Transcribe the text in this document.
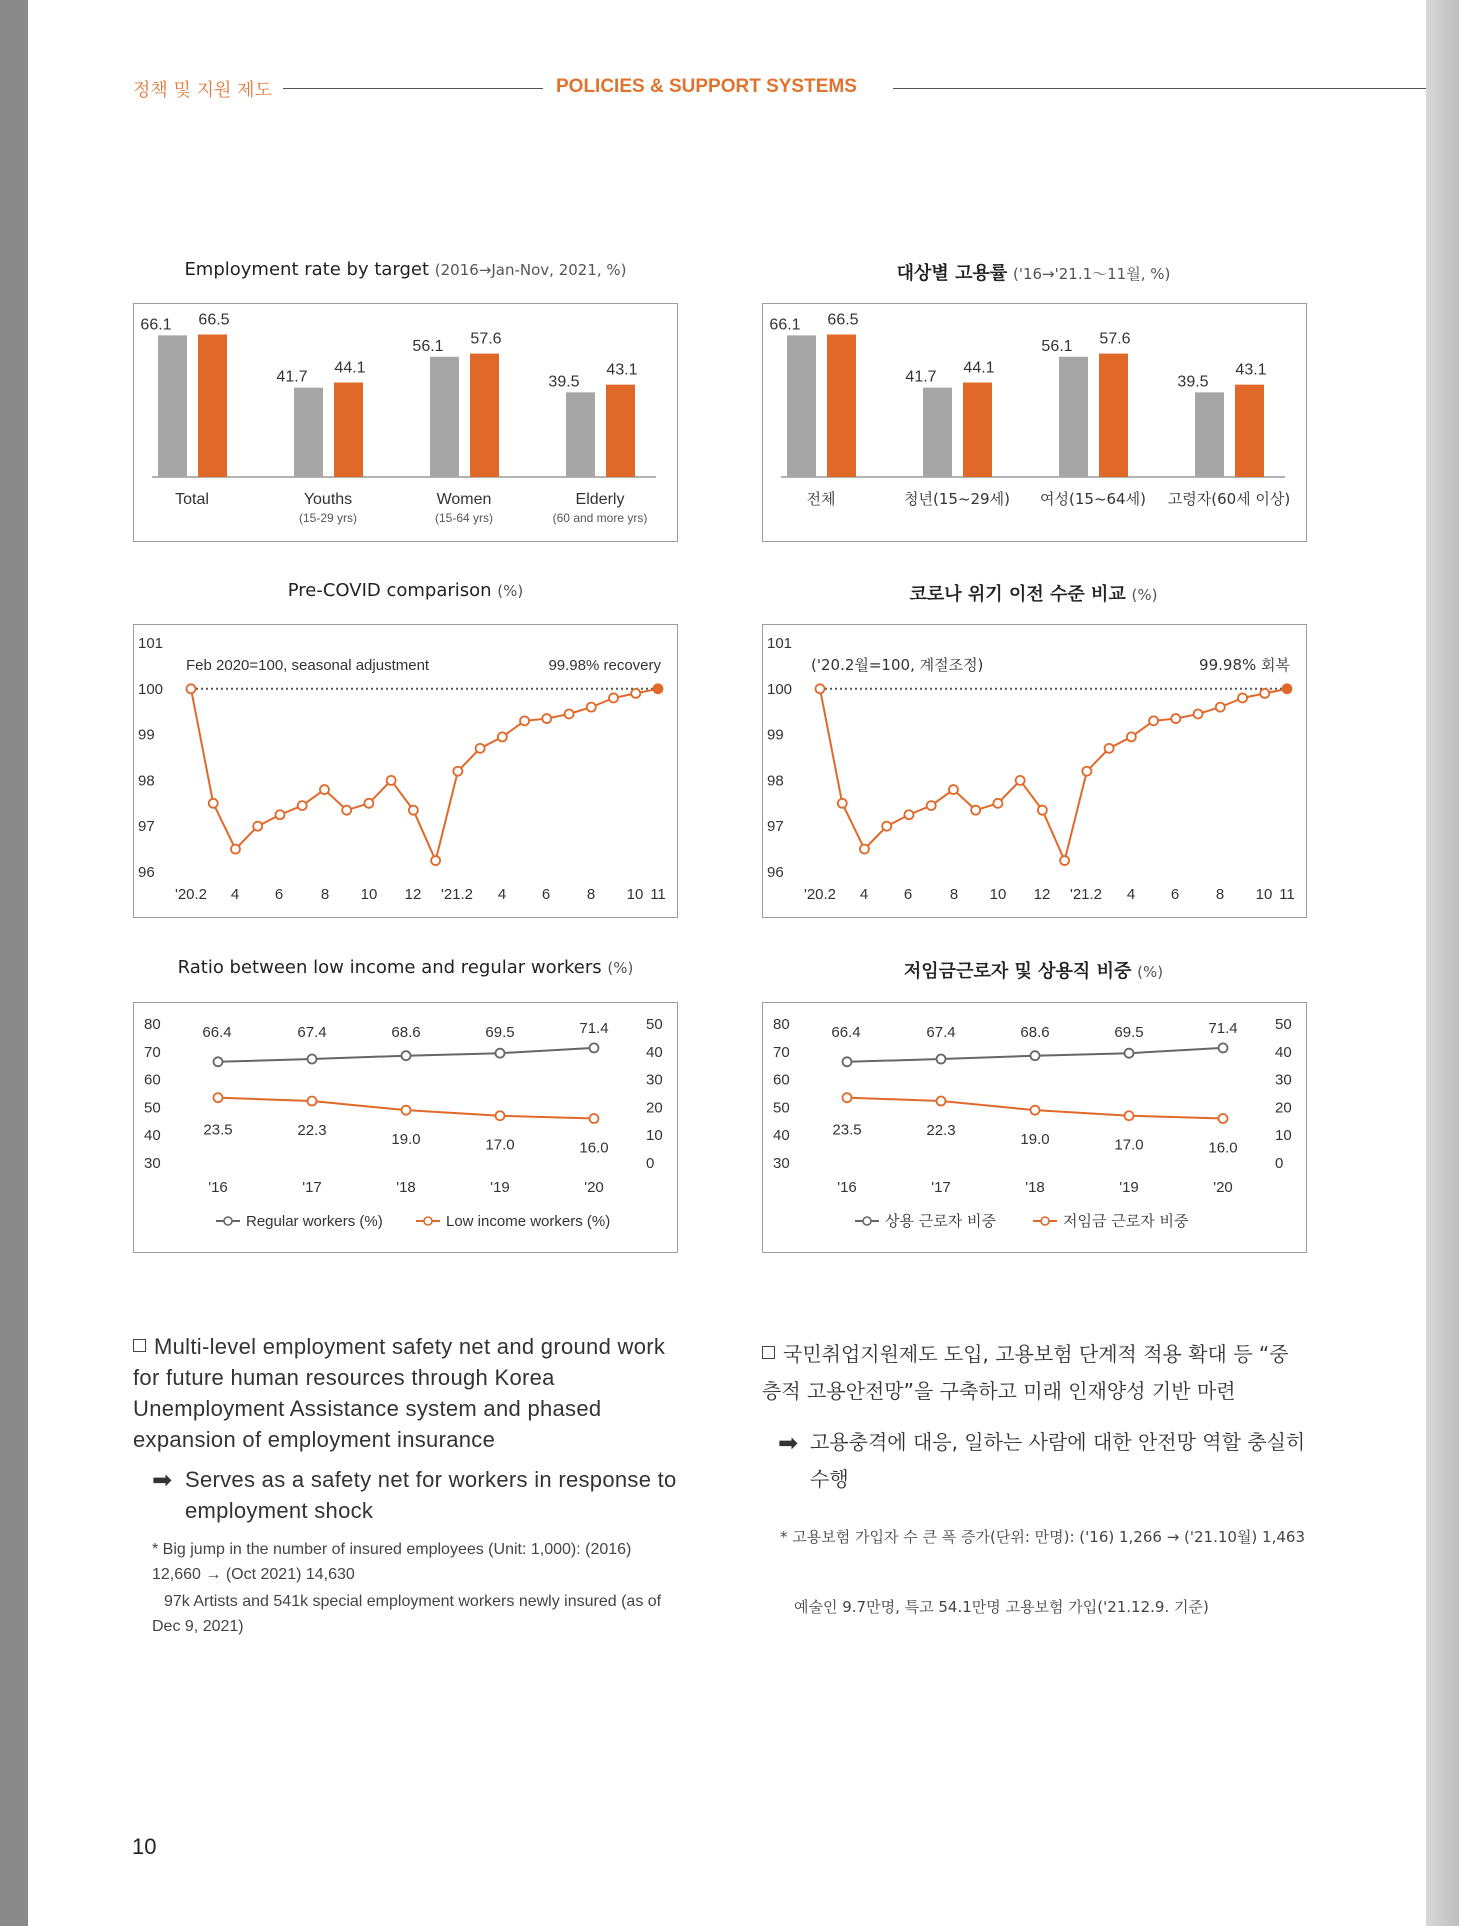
정책 및 지원 제도	POLICIES & SUPPORT SYSTEMS
Employment rate by target (2016→Jan-Nov, 2021, %)	대상별 고용률 ('16→'21.1～11월, %)
Pre-COVID comparison (%)	코로나 위기 이전 수준 비교 (%)
Ratio between low income and regular workers (%)	저임금근로자 및 상용직 비중 (%)
66.1 66.5
Total
41.7
44.1
Youths
(15-29 yrs)
56.1 57.6
Women
(15-64 yrs)
39.5
43.1
Elderly
(60 and more yrs)
66.1 66.5
전체
41.7
44.1
청년(15~29세)
56.1 57.6
여성(15~64세)
39.5
43.1
고령자(60세 이상)
101
100
99
98
97
96
'20.2 4 6	8 10 12 '21.2 4 6 8 10 11
Feb 2020=100, seasonal adjustment	99.98% recovery
101
100
99
98
97
96
'20.2 4 6	8 10 12 '21.2 4 6 8 10 11
('20.2월=100, 계절조정)	99.98% 회복
80
70
60
50
40
30
50
40
30
20
10
0
'16	'17	'18	'19	'20
66.4	67.4	68.6	69.5	71.4
23.5	22.3
19.0	17.0	16.0
Regular workers (%)	Low income workers (%)
80
70
60
50
40
30
50
40
30
20
10
0
'16	'17	'18	'19	'20
66.4	67.4	68.6	69.5	71.4
23.5	22.3
19.0	17.0	16.0
상용 근로자 비중	저임금 근로자 비중
Multi-level employment safety net and ground work for future human resources through Korea Unemployment Assistance system and phased expansion of employment insurance
➡ Serves as a safety net for workers in response to employment shock
* Big jump in the number of insured employees (Unit: 1,000): (2016) 12,660 → (Oct 2021) 14,630
97k Artists and 541k special employment workers newly insured (as of Dec 9, 2021)
국민취업지원제도 도입, 고용보험 단계적 적용 확대 등 “중층적 고용안전망”을 구축하고 미래 인재양성 기반 마련
➡ 고용충격에 대응, 일하는 사람에 대한 안전망 역할 충실히 수행
* 고용보험 가입자 수 큰 폭 증가(단위: 만명): ('16) 1,266 → ('21.10월) 1,463
예술인 9.7만명, 특고 54.1만명 고용보험 가입('21.12.9. 기준)
10
